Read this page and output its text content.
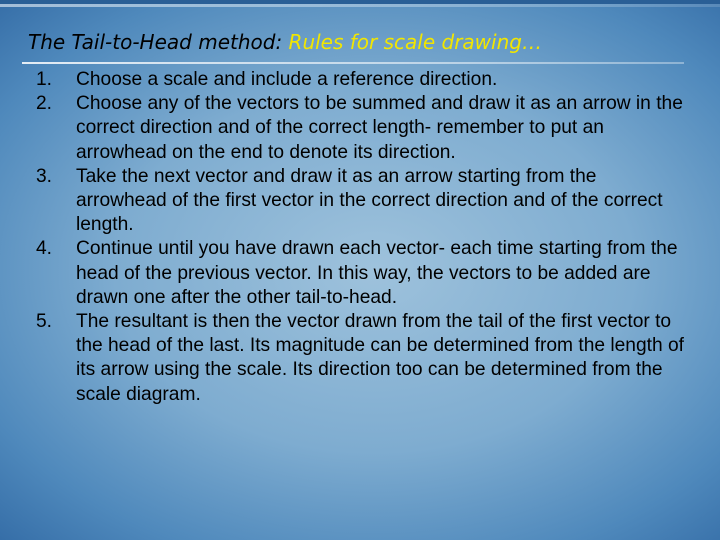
The Tail-to-Head method: Rules for scale drawing…
1.	Choose a scale and include a reference direction.
2.	Choose any of the vectors to be summed and draw it as an arrow in the correct direction and of the correct length- remember to put an arrowhead on the end to denote its direction.
3.	Take the next vector and draw it as an arrow starting from the arrowhead of the first vector in the correct direction and of the correct length.
4.	Continue until you have drawn each vector- each time starting from the head of the previous vector. In this way, the vectors to be added are drawn one after the other tail-to-head.
5.	The resultant is then the vector drawn from the tail of the first vector to the head of the last. Its magnitude can be determined from the length of its arrow using the scale. Its direction too can be determined from the scale diagram.
